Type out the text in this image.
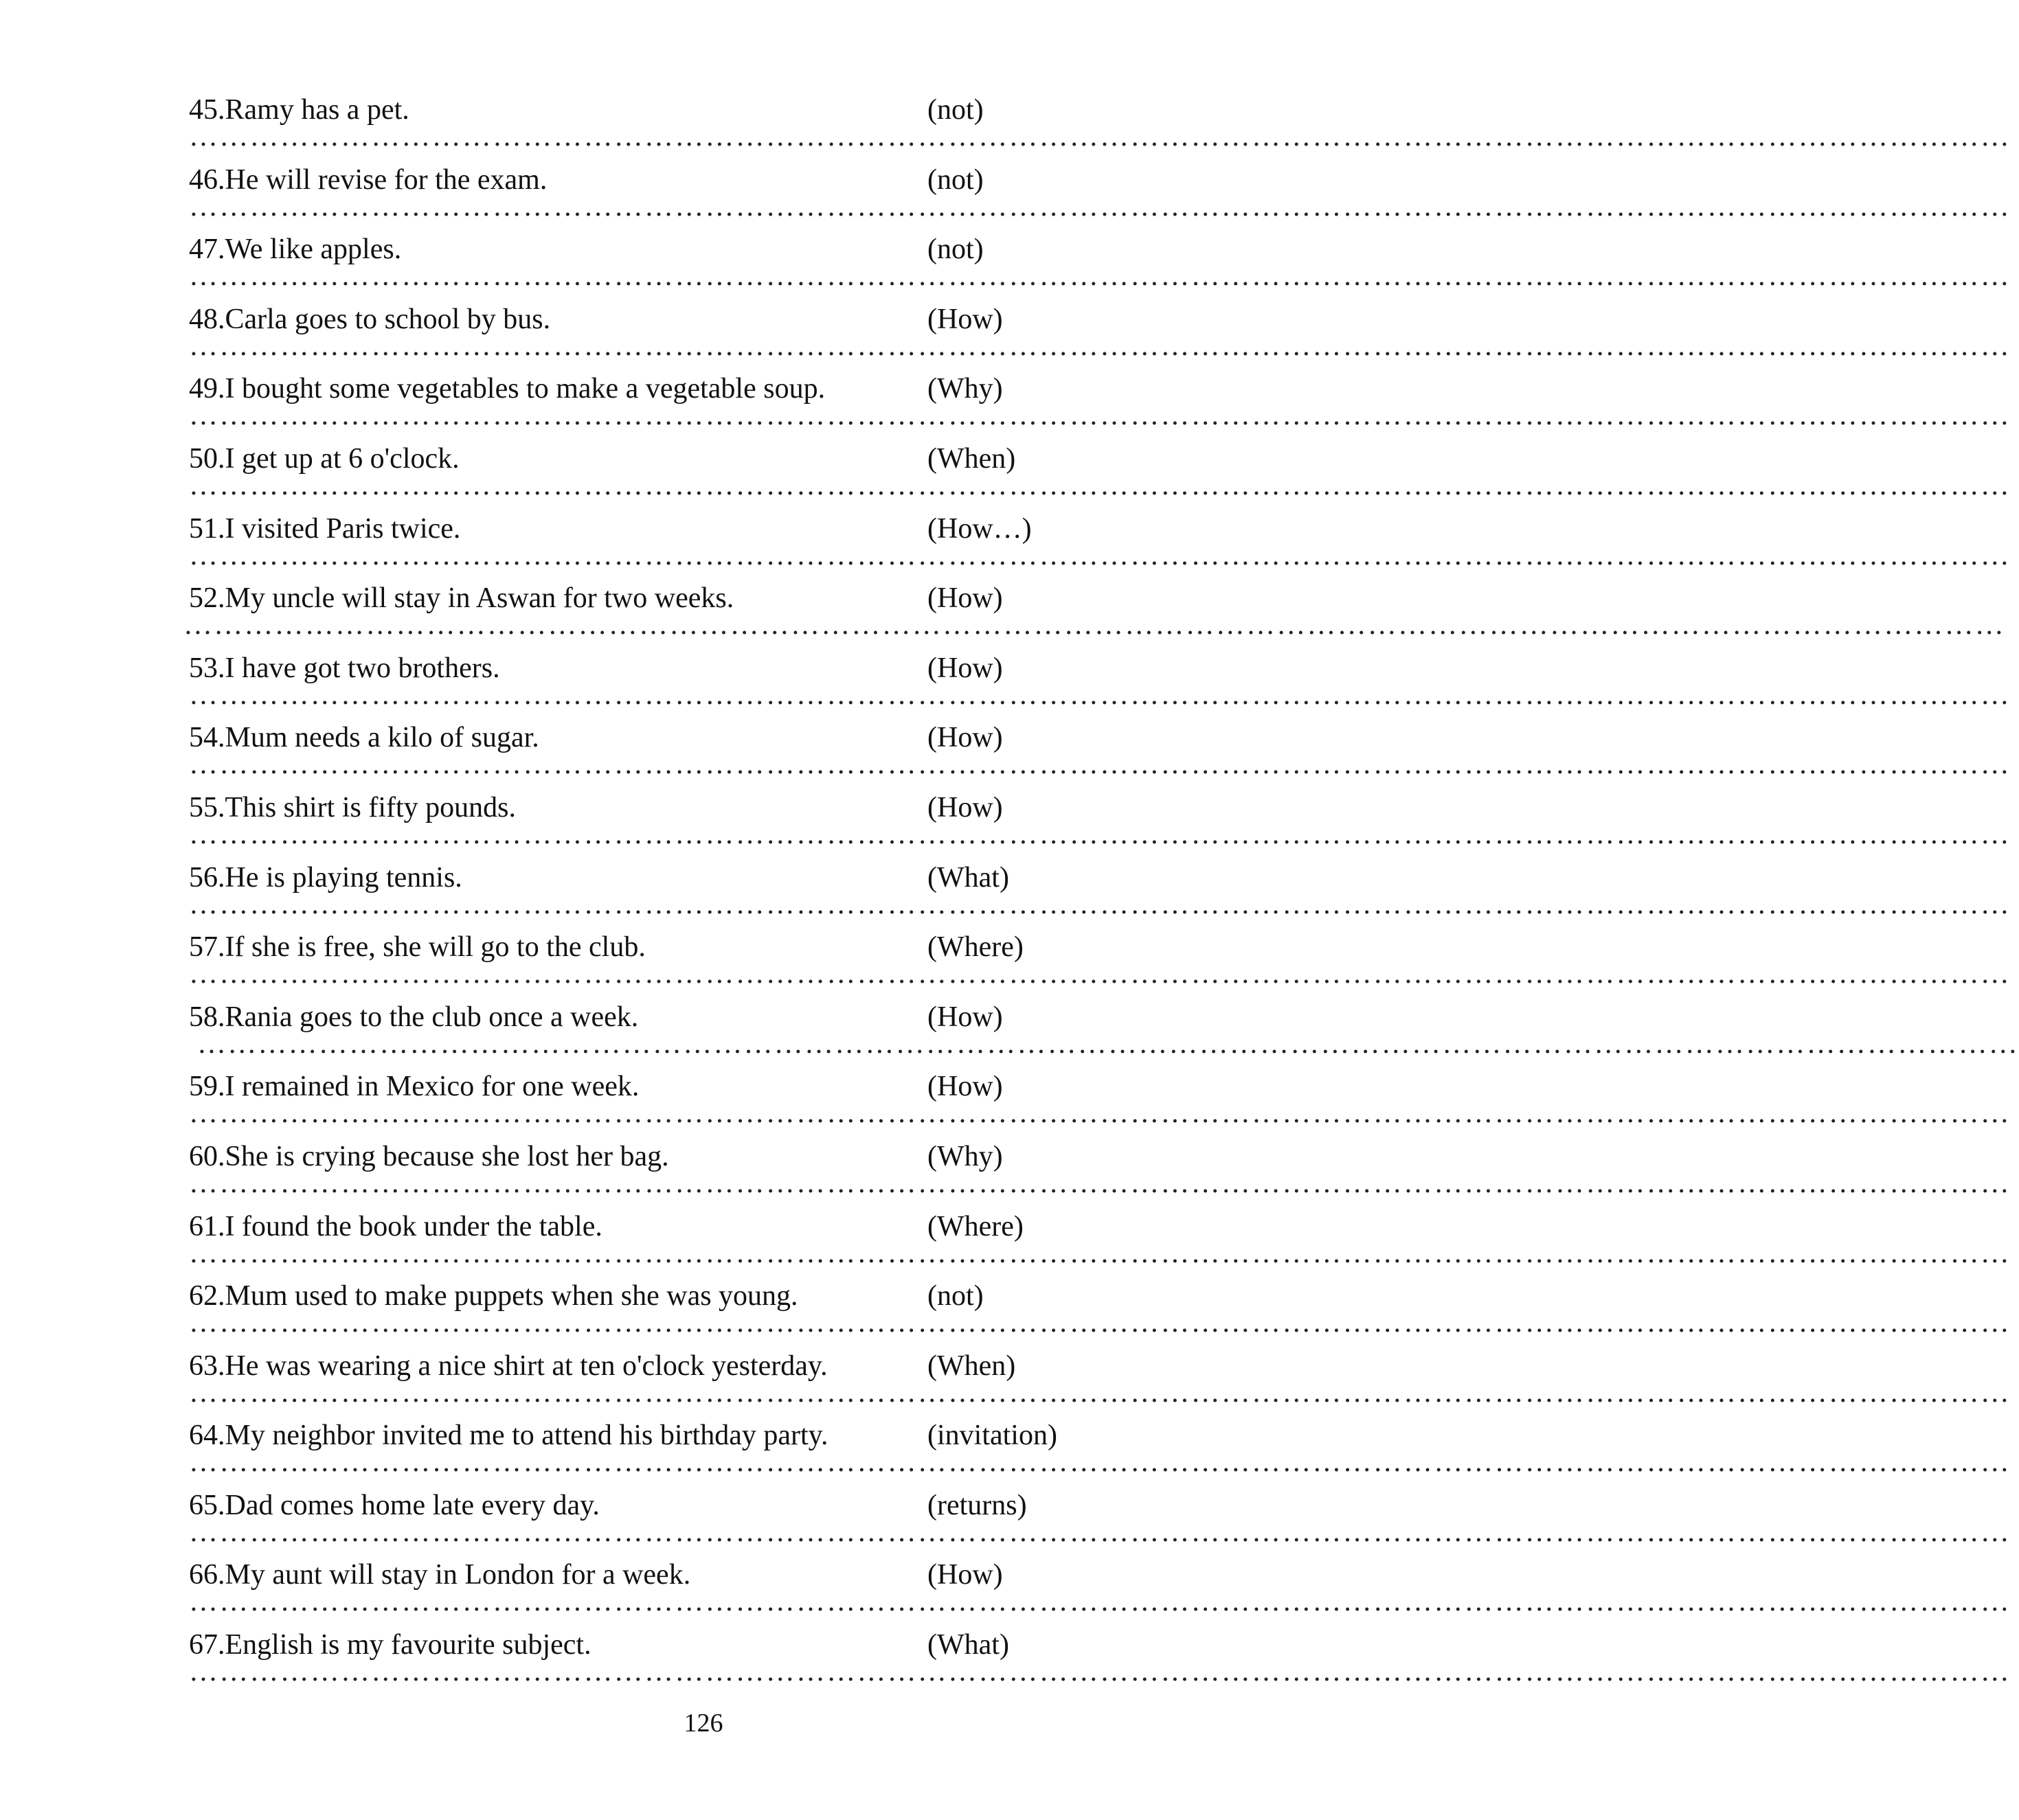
45.Ramy has a pet.	(not)
………………………………………………………………………………………………………………………………………………………………
46.He will revise for the exam.	(not)
………………………………………………………………………………………………………………………………………………………………
47.We like apples.	(not)
………………………………………………………………………………………………………………………………………………………………
48.Carla goes to school by bus.	(How)
………………………………………………………………………………………………………………………………………………………………
49.I bought some vegetables to make a vegetable soup.	(Why)
………………………………………………………………………………………………………………………………………………………………
50.I get up at 6 o'clock.	(When)
………………………………………………………………………………………………………………………………………………………………
51.I visited Paris twice.	(How…)
………………………………………………………………………………………………………………………………………………………………
52.My uncle will stay in Aswan for two weeks.	(How)
………………………………………………………………………………………………………………………………………………………………
53.I have got two brothers.	(How)
………………………………………………………………………………………………………………………………………………………………
54.Mum needs a kilo of sugar.	(How)
………………………………………………………………………………………………………………………………………………………………
55.This shirt is fifty pounds.	(How)
………………………………………………………………………………………………………………………………………………………………
56.He is playing tennis.	(What)
………………………………………………………………………………………………………………………………………………………………
57.If she is free, she will go to the club.	(Where)
………………………………………………………………………………………………………………………………………………………………
58.Rania goes to the club once a week.	(How)
………………………………………………………………………………………………………………………………………………………………
59.I remained in Mexico for one week.	(How)
………………………………………………………………………………………………………………………………………………………………
60.She is crying because she lost her bag.	(Why)
………………………………………………………………………………………………………………………………………………………………
61.I found the book under the table.	(Where)
………………………………………………………………………………………………………………………………………………………………
62.Mum used to make puppets when she was young.	(not)
………………………………………………………………………………………………………………………………………………………………
63.He was wearing a nice shirt at ten o'clock yesterday.	(When)
………………………………………………………………………………………………………………………………………………………………
64.My neighbor invited me to attend his birthday party.	(invitation)
………………………………………………………………………………………………………………………………………………………………
65.Dad comes home late every day.	(returns)
………………………………………………………………………………………………………………………………………………………………
66.My aunt will stay in London for a week.	(How)
………………………………………………………………………………………………………………………………………………………………
67.English is my favourite subject.	(What)
………………………………………………………………………………………………………………………………………………………………
126
